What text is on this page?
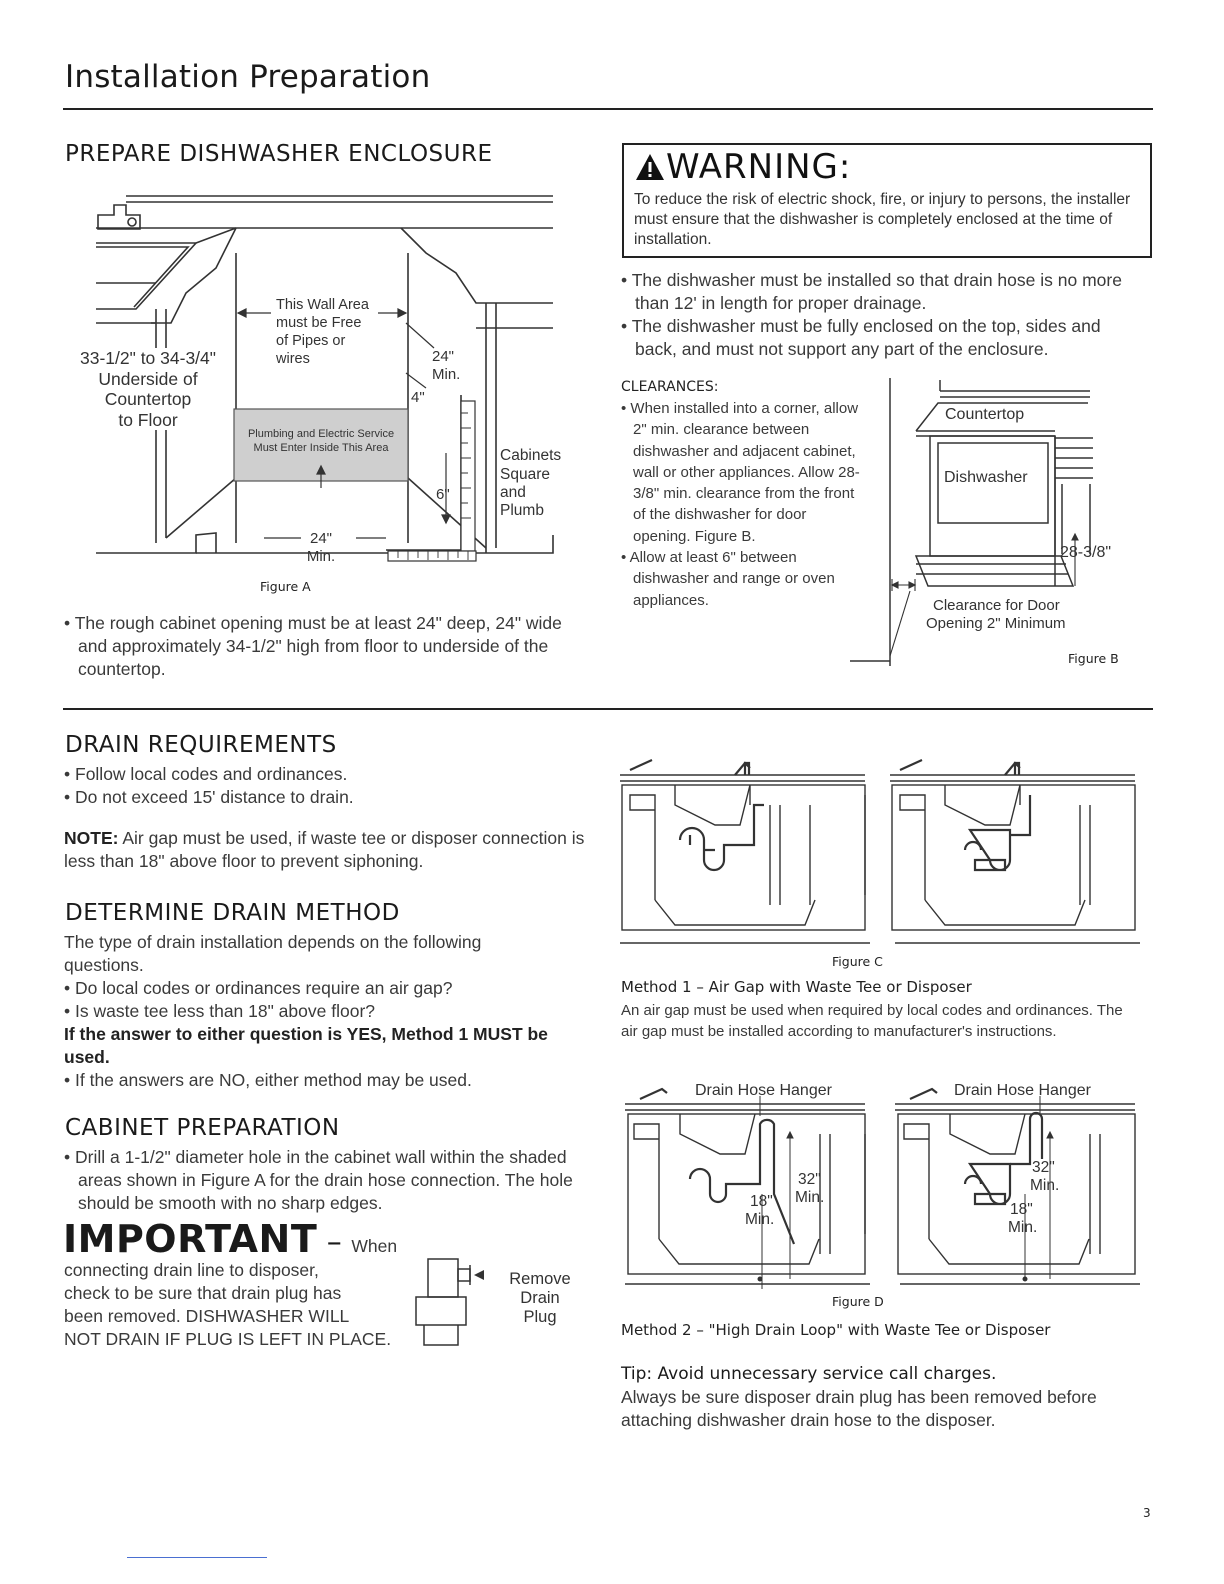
Installation Preparation
PREPARE DISHWASHER ENCLOSURE
This Wall Area
must be Free
of Pipes or
wires	24"
Min.
4"
6"
24"
Min.
Plumbing and Electric Service
Must Enter Inside This Area	Cabinets
Square
and
Plumb
33-1/2" to 34-3/4"
Underside of
Countertop
to Floor
Figure A

• The rough cabinet opening must be at least 24" deep, 24" wide and approximately 34-1/2" high from floor to underside of the countertop.

WARNING:
To reduce the risk of electric shock, fire, or injury to persons, the installer must ensure that the dishwasher is completely enclosed at the time of installation.

• The dishwasher must be installed so that drain hose is no more than 12' in length for proper drainage.

• The dishwasher must be fully enclosed on the top, sides and back, and must not support any part of the enclosure.

CLEARANCES:

• When installed into a corner, allow 2" min. clearance between dishwasher and adjacent cabinet, wall or other appliances. Allow 28-3/8" min. clearance from the front of the dishwasher for door opening. Figure B.

• Allow at least 6" between dishwasher and range or oven appliances.

Countertop
Dishwasher
28-3/8"
Clearance for Door
Opening 2" Minimum
Figure B
DRAIN REQUIREMENTS

• Follow local codes and ordinances.

• Do not exceed 15' distance to drain.

NOTE: Air gap must be used, if waste tee or disposer connection is less than 18" above floor to prevent siphoning.

DETERMINE DRAIN METHOD

The type of drain installation depends on the following questions.

• Do local codes or ordinances require an air gap?

• Is waste tee less than 18" above floor?

If the answer to either question is YES, Method 1 MUST be used.

• If the answers are NO, either method may be used.

CABINET PREPARATION

• Drill a 1-1/2" diameter hole in the cabinet wall within the shaded areas shown in Figure A for the drain hose connection. The hole should be smooth with no sharp edges.

IMPORTANT – When

connecting drain line to disposer,

check to be sure that drain plug has

been removed. DISHWASHER WILL

NOT DRAIN IF PLUG IS LEFT IN PLACE.

Remove
Drain
Plug
Figure C
Method 1 – Air Gap with Waste Tee or Disposer
An air gap must be used when required by local codes and ordinances. The air gap must be installed according to manufacturer's instructions.
32"
Min.
18"
Min.
32"
Min.
18"
Min.
Drain Hose Hanger	Drain Hose Hanger
Figure D
Method 2 – "High Drain Loop" with Waste Tee or Disposer
Tip: Avoid unnecessary service call charges.
Always be sure disposer drain plug has been removed before attaching dishwasher drain hose to the disposer.
3
